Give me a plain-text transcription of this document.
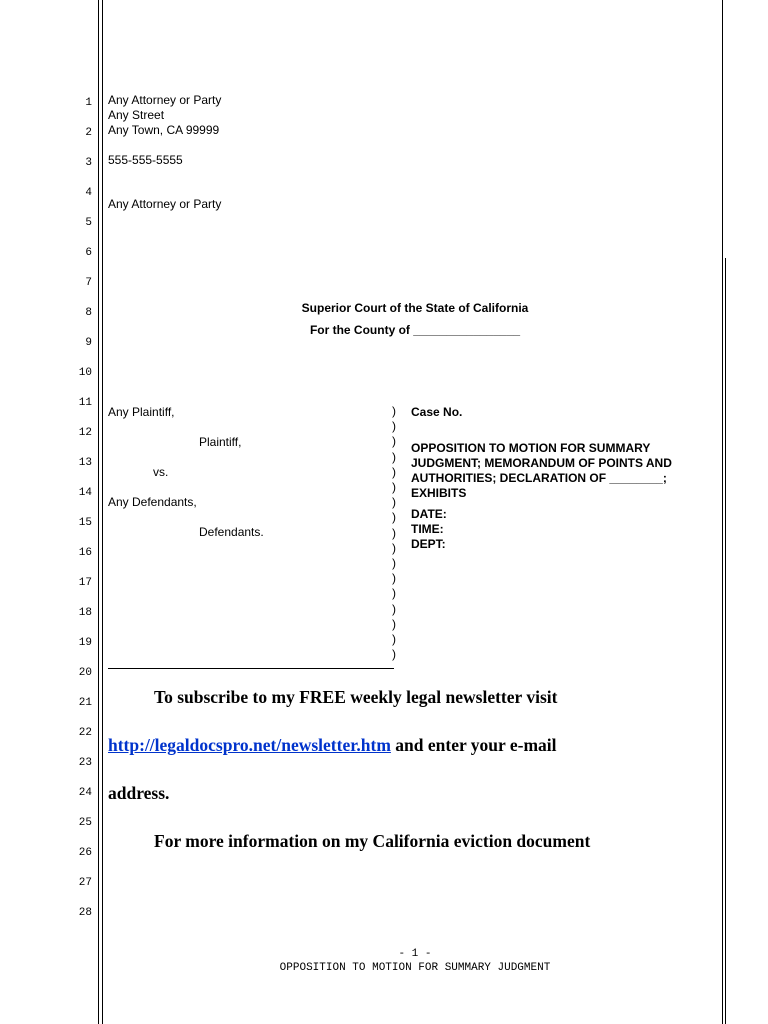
1
2
3
4
5
6
7
8
9
10
11
12
13
14
15
16
17
18
19
20
21
22
23
24
25
26
27
28
Any Attorney or Party
Any Street
Any Town, CA 99999
555-555-5555
Any Attorney or Party
Superior Court of the State of California
For the County of ________________
Any Plaintiff,
Plaintiff,
vs.
Any Defendants,
Defendants.
)
)
)
)
)
)
)
)
)
)
)
)
)
)
)
)
)
Case No.
OPPOSITION TO MOTION FOR SUMMARY
JUDGMENT; MEMORANDUM OF POINTS AND
AUTHORITIES; DECLARATION OF ________;
EXHIBITS
DATE:
TIME:
DEPT:
To subscribe to my FREE weekly legal newsletter visit
http://legaldocspro.net/newsletter.htm and enter your e-mail
address.
For more information on my California eviction document
- 1 -
OPPOSITION TO MOTION FOR SUMMARY JUDGMENT
